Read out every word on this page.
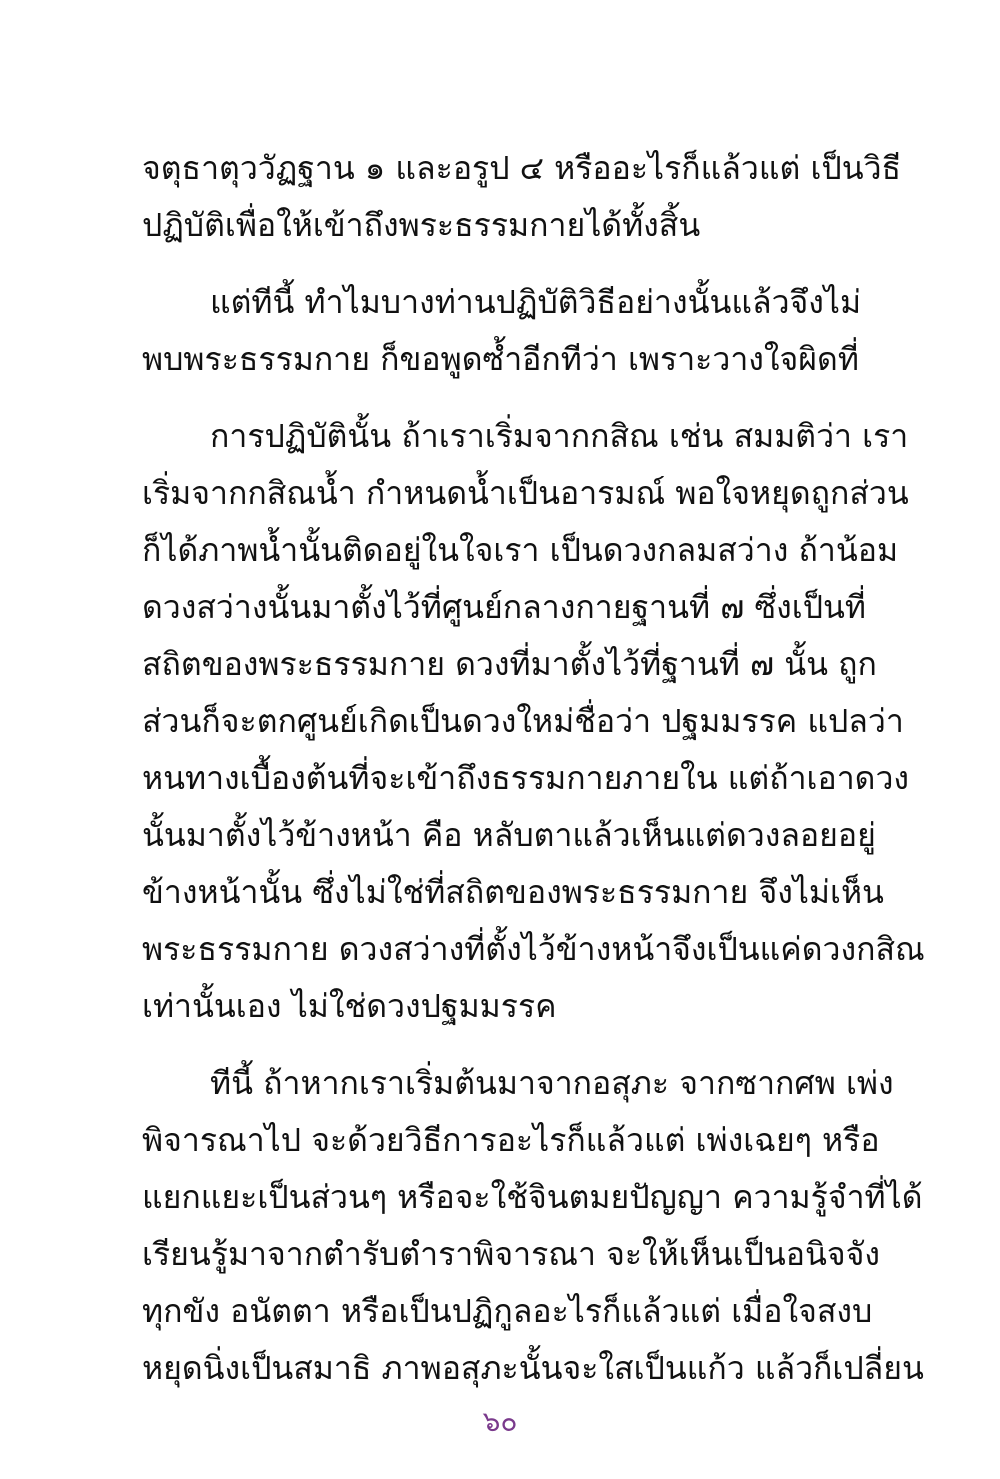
จตุธาตุววัฏฐาน ๑ และอรูป ๔ หรืออะไรก็แล้วแต่ เป็นวิธี
ปฏิบัติเพื่อให้เข้าถึงพระธรรมกายได้ทั้งสิ้น
แต่ทีนี้ ทำไมบางท่านปฏิบัติวิธีอย่างนั้นแล้วจึงไม่
พบพระธรรมกาย ก็ขอพูดซ้ำอีกทีว่า เพราะวางใจผิดที่
การปฏิบัตินั้น ถ้าเราเริ่มจากกสิณ เช่น สมมติว่า เรา
เริ่มจากกสิณน้ำ กำหนดน้ำเป็นอารมณ์ พอใจหยุดถูกส่วน
ก็ได้ภาพน้ำนั้นติดอยู่ในใจเรา เป็นดวงกลมสว่าง ถ้าน้อม
ดวงสว่างนั้นมาตั้งไว้ที่ศูนย์กลางกายฐานที่ ๗ ซึ่งเป็นที่
สถิตของพระธรรมกาย ดวงที่มาตั้งไว้ที่ฐานที่ ๗ นั้น ถูก
ส่วนก็จะตกศูนย์เกิดเป็นดวงใหม่ชื่อว่า ปฐมมรรค แปลว่า
หนทางเบื้องต้นที่จะเข้าถึงธรรมกายภายใน แต่ถ้าเอาดวง
นั้นมาตั้งไว้ข้างหน้า คือ หลับตาแล้วเห็นแต่ดวงลอยอยู่
ข้างหน้านั้น ซึ่งไม่ใช่ที่สถิตของพระธรรมกาย จึงไม่เห็น
พระธรรมกาย ดวงสว่างที่ตั้งไว้ข้างหน้าจึงเป็นแค่ดวงกสิณ
เท่านั้นเอง ไม่ใช่ดวงปฐมมรรค
ทีนี้ ถ้าหากเราเริ่มต้นมาจากอสุภะ จากซากศพ เพ่ง
พิจารณาไป จะด้วยวิธีการอะไรก็แล้วแต่ เพ่งเฉยๆ หรือ
แยกแยะเป็นส่วนๆ หรือจะใช้จินตมยปัญญา ความรู้จำที่ได้
เรียนรู้มาจากตำรับตำราพิจารณา จะให้เห็นเป็นอนิจจัง
ทุกขัง อนัตตา หรือเป็นปฏิกูลอะไรก็แล้วแต่ เมื่อใจสงบ
หยุดนิ่งเป็นสมาธิ ภาพอสุภะนั้นจะใสเป็นแก้ว แล้วก็เปลี่ยน
๖๐
